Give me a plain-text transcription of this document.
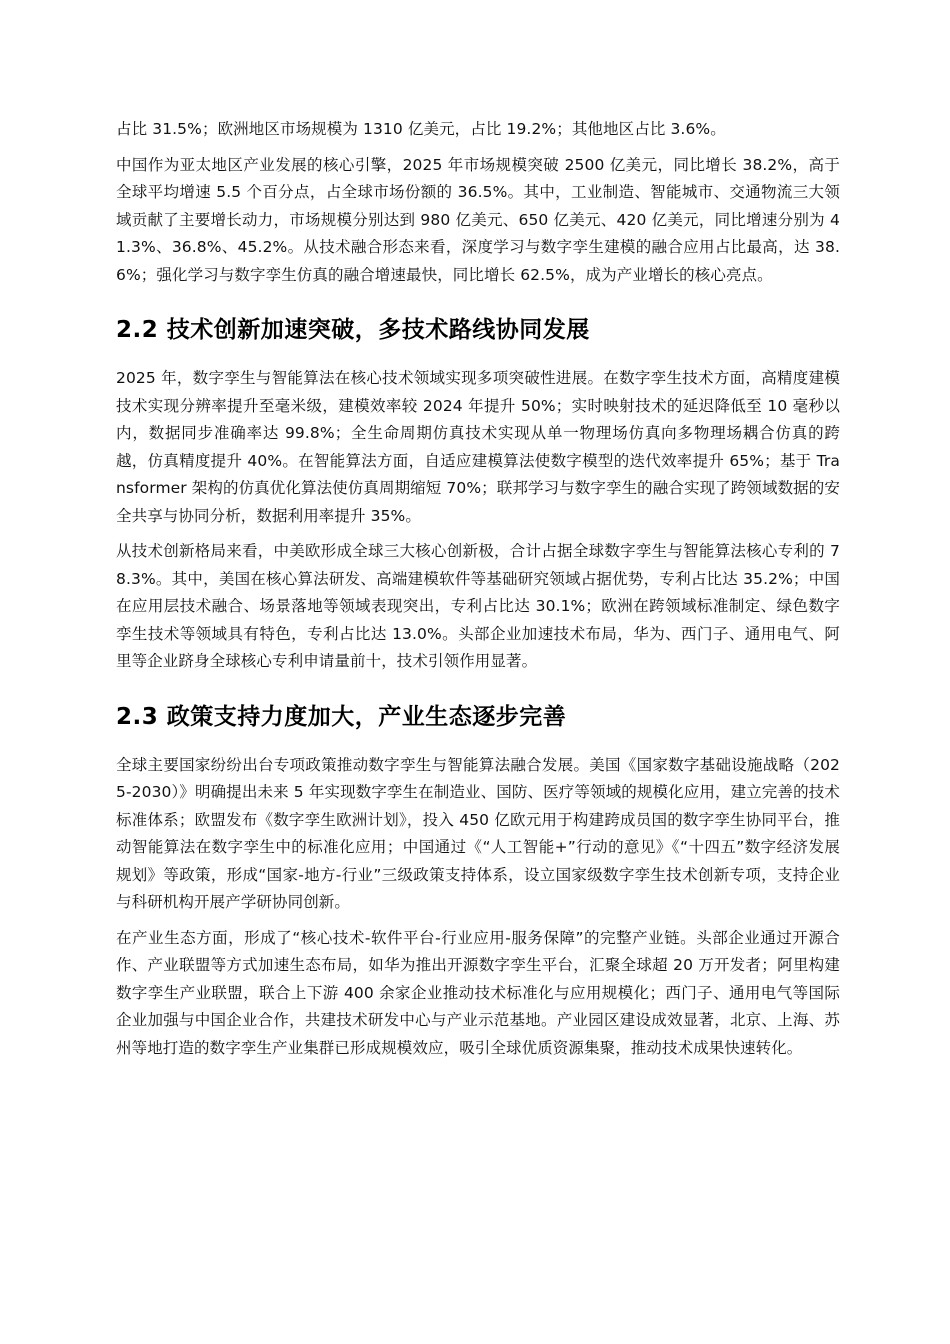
占比 31.5%；欧洲地区市场规模为 1310 亿美元，占比 19.2%；其他地区占比 3.6%。

中国作为亚太地区产业发展的核心引擎，2025 年市场规模突破 2500 亿美元，同比增长 38.2%，高于全球平均增速 5.5 个百分点，占全球市场份额的 36.5%。其中，工业制造、智能城市、交通物流三大领域贡献了主要增长动力，市场规模分别达到 980 亿美元、650 亿美元、420 亿美元，同比增速分别为 41.3%、36.8%、45.2%。从技术融合形态来看，深度学习与数字孪生建模的融合应用占比最高，达 38.6%；强化学习与数字孪生仿真的融合增速最快，同比增长 62.5%，成为产业增长的核心亮点。

2.2 技术创新加速突破，多技术路线协同发展

2025 年，数字孪生与智能算法在核心技术领域实现多项突破性进展。在数字孪生技术方面，高精度建模技术实现分辨率提升至毫米级，建模效率较 2024 年提升 50%；实时映射技术的延迟降低至 10 毫秒以内，数据同步准确率达 99.8%；全生命周期仿真技术实现从单一物理场仿真向多物理场耦合仿真的跨越，仿真精度提升 40%。在智能算法方面，自适应建模算法使数字模型的迭代效率提升 65%；基于 Transformer 架构的仿真优化算法使仿真周期缩短 70%；联邦学习与数字孪生的融合实现了跨领域数据的安全共享与协同分析，数据利用率提升 35%。

从技术创新格局来看，中美欧形成全球三大核心创新极，合计占据全球数字孪生与智能算法核心专利的 78.3%。其中，美国在核心算法研发、高端建模软件等基础研究领域占据优势，专利占比达 35.2%；中国在应用层技术融合、场景落地等领域表现突出，专利占比达 30.1%；欧洲在跨领域标准制定、绿色数字孪生技术等领域具有特色，专利占比达 13.0%。头部企业加速技术布局，华为、西门子、通用电气、阿里等企业跻身全球核心专利申请量前十，技术引领作用显著。

2.3 政策支持力度加大，产业生态逐步完善

全球主要国家纷纷出台专项政策推动数字孪生与智能算法融合发展。美国《国家数字基础设施战略（2025-2030）》明确提出未来 5 年实现数字孪生在制造业、国防、医疗等领域的规模化应用，建立完善的技术标准体系；欧盟发布《数字孪生欧洲计划》，投入 450 亿欧元用于构建跨成员国的数字孪生协同平台，推动智能算法在数字孪生中的标准化应用；中国通过《“人工智能+”行动的意见》《“十四五”数字经济发展规划》等政策，形成“国家-地方-行业”三级政策支持体系，设立国家级数字孪生技术创新专项，支持企业与科研机构开展产学研协同创新。

在产业生态方面，形成了“核心技术-软件平台-行业应用-服务保障”的完整产业链。头部企业通过开源合作、产业联盟等方式加速生态布局，如华为推出开源数字孪生平台，汇聚全球超 20 万开发者；阿里构建数字孪生产业联盟，联合上下游 400 余家企业推动技术标准化与应用规模化；西门子、通用电气等国际企业加强与中国企业合作，共建技术研发中心与产业示范基地。产业园区建设成效显著，北京、上海、苏州等地打造的数字孪生产业集群已形成规模效应，吸引全球优质资源集聚，推动技术成果快速转化。
